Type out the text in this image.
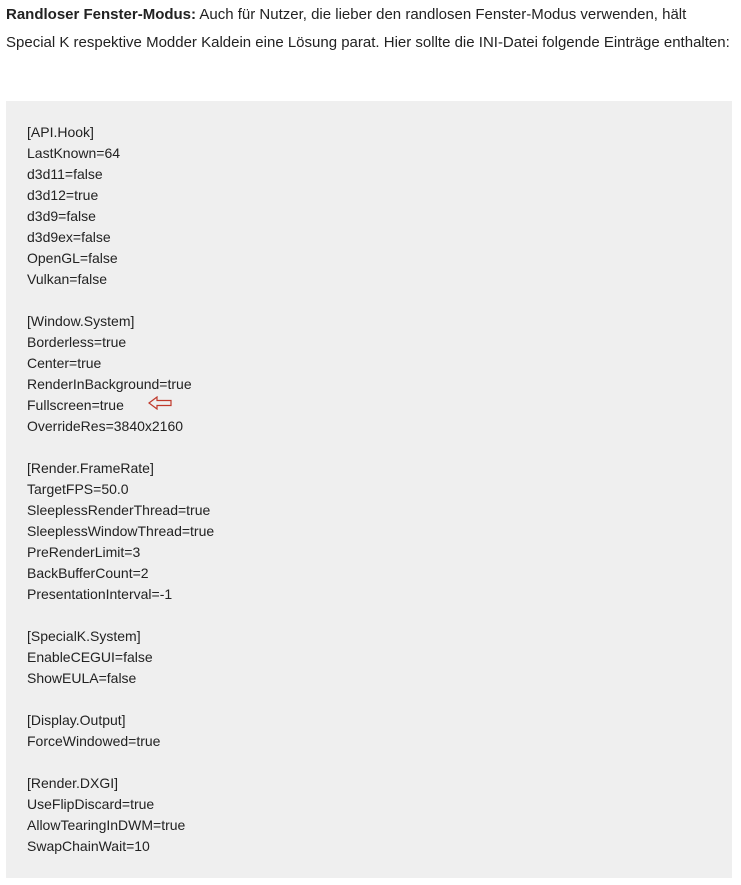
Randloser Fenster-Modus: Auch für Nutzer, die lieber den randlosen Fenster-Modus verwenden, hält Special K respektive Modder Kaldein eine Lösung parat. Hier sollte die INI-Datei folgende Einträge enthalten:

[API.Hook]
LastKnown=64
d3d11=false
d3d12=true
d3d9=false
d3d9ex=false
OpenGL=false
Vulkan=false
[Window.System]
Borderless=true
Center=true
RenderInBackground=true
Fullscreen=true
OverrideRes=3840x2160
[Render.FrameRate]
TargetFPS=50.0
SleeplessRenderThread=true
SleeplessWindowThread=true
PreRenderLimit=3
BackBufferCount=2
PresentationInterval=-1
[SpecialK.System]
EnableCEGUI=false
ShowEULA=false
[Display.Output]
ForceWindowed=true
[Render.DXGI]
UseFlipDiscard=true
AllowTearingInDWM=true
SwapChainWait=10
